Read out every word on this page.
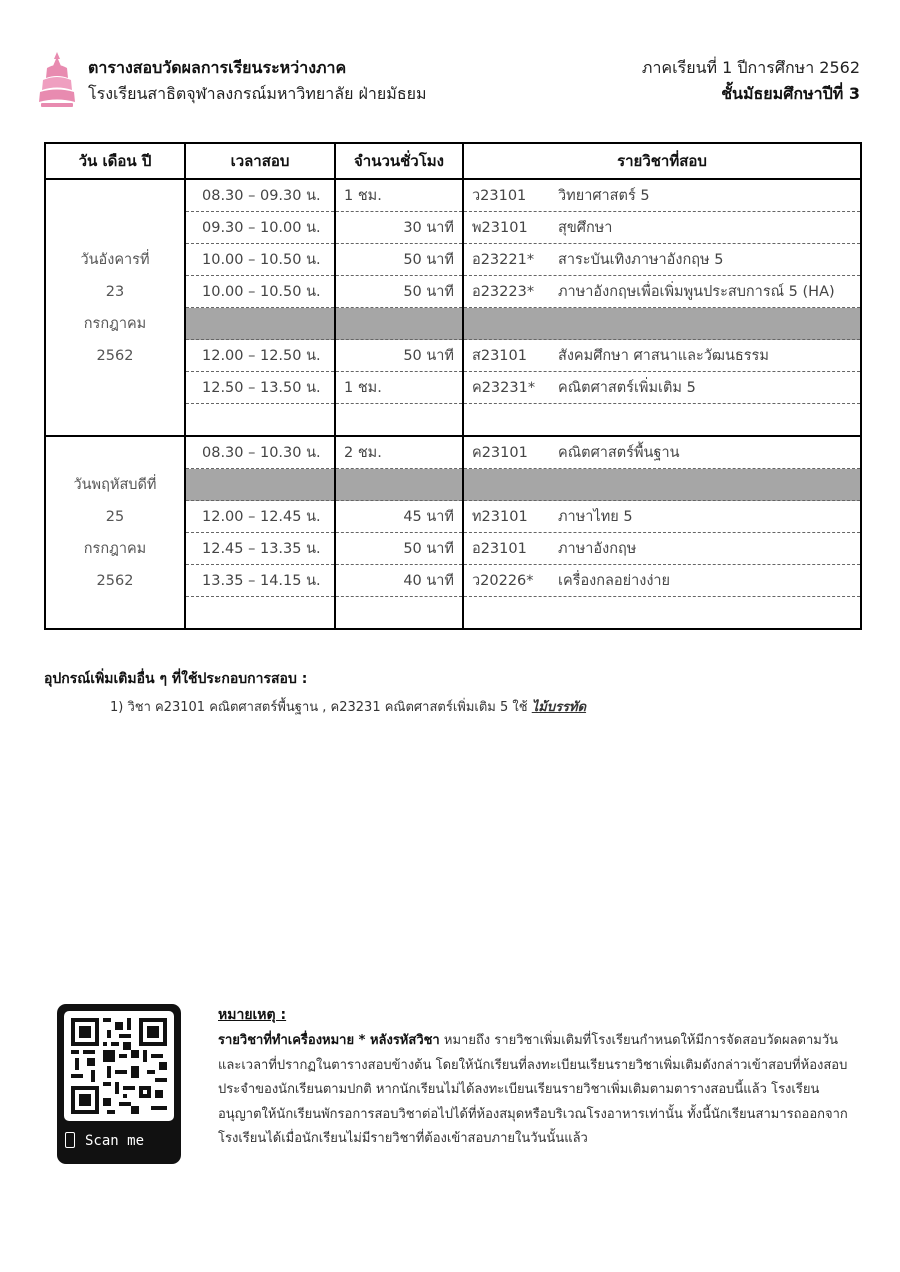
ตารางสอบวัดผลการเรียนระหว่างภาค
โรงเรียนสาธิตจุฬาลงกรณ์มหาวิทยาลัย ฝ่ายมัธยม
ภาคเรียนที่ 1 ปีการศึกษา 2562
ชั้นมัธยมศึกษาปีที่ 3
วัน เดือน ปี	เวลาสอบ	จำนวนชั่วโมง	รายวิชาที่สอบ

วันอังคารที่
23
กรกฎาคม
2562	08.30 – 09.30 น.	1 ชม.	ว23101 วิทยาศาสตร์ 5
	09.30 – 10.00 น.	30 นาที	พ23101 สุขศึกษา
	10.00 – 10.50 น.	50 นาที	อ23221* สาระบันเทิงภาษาอังกฤษ 5
	10.00 – 10.50 น.	50 นาที	อ23223* ภาษาอังกฤษเพื่อเพิ่มพูนประสบการณ์ 5 (HA)

	12.00 – 12.50 น.	50 นาที	ส23101 สังคมศึกษา ศาสนาและวัฒนธรรม
	12.50 – 13.50 น.	1 ชม.	ค23231* คณิตศาสตร์เพิ่มเติม 5

วันพฤหัสบดีที่
25
กรกฎาคม
2562	08.30 – 10.30 น.	2 ชม.	ค23101 คณิตศาสตร์พื้นฐาน

	12.00 – 12.45 น.	45 นาที	ท23101 ภาษาไทย 5
	12.45 – 13.35 น.	50 นาที	อ23101 ภาษาอังกฤษ
	13.35 – 14.15 น.	40 นาที	ว20226* เครื่องกลอย่างง่าย

อุปกรณ์เพิ่มเติมอื่น ๆ ที่ใช้ประกอบการสอบ :
1) วิชา ค23101 คณิตศาสตร์พื้นฐาน , ค23231 คณิตศาสตร์เพิ่มเติม 5 ใช้ ไม้บรรทัด
Scan me
หมายเหตุ :
รายวิชาที่ทำเครื่องหมาย * หลังรหัสวิชา หมายถึง รายวิชาเพิ่มเติมที่โรงเรียนกำหนดให้มีการจัดสอบวัดผลตามวันและเวลาที่ปรากฏในตารางสอบข้างต้น โดยให้นักเรียนที่ลงทะเบียนเรียนรายวิชาเพิ่มเติมดังกล่าวเข้าสอบที่ห้องสอบประจำของนักเรียนตามปกติ หากนักเรียนไม่ได้ลงทะเบียนเรียนรายวิชาเพิ่มเติมตามตารางสอบนี้แล้ว โรงเรียนอนุญาตให้นักเรียนพักรอการสอบวิชาต่อไปได้ที่ห้องสมุดหรือบริเวณโรงอาหารเท่านั้น ทั้งนี้นักเรียนสามารถออกจากโรงเรียนได้เมื่อนักเรียนไม่มีรายวิชาที่ต้องเข้าสอบภายในวันนั้นแล้ว
